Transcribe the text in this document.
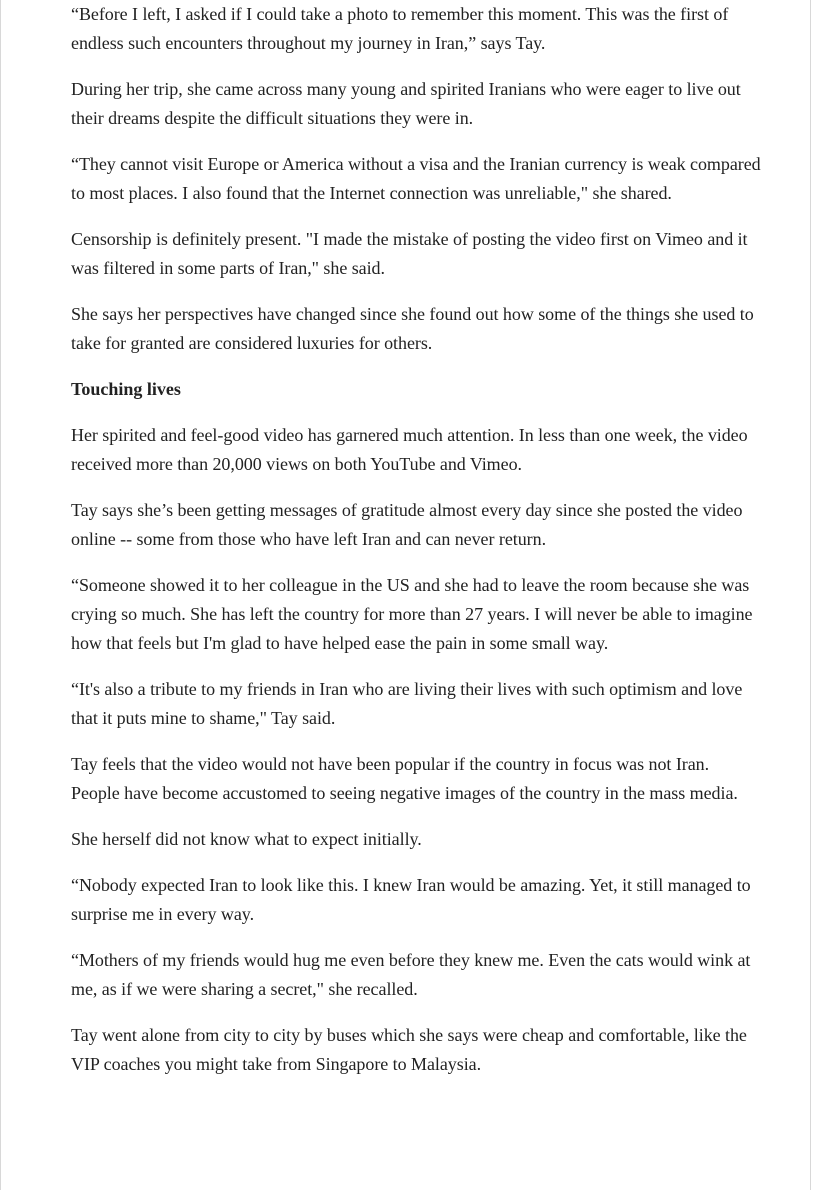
“Before I left, I asked if I could take a photo to remember this moment. This was the first of endless such encounters throughout my journey in Iran,” says Tay.

During her trip, she came across many young and spirited Iranians who were eager to live out their dreams despite the difficult situations they were in.

“They cannot visit Europe or America without a visa and the Iranian currency is weak compared to most places. I also found that the Internet connection was unreliable," she shared.

Censorship is definitely present. "I made the mistake of posting the video first on Vimeo and it was filtered in some parts of Iran," she said.

She says her perspectives have changed since she found out how some of the things she used to take for granted are considered luxuries for others.

Touching lives

Her spirited and feel-good video has garnered much attention. In less than one week, the video received more than 20,000 views on both YouTube and Vimeo.

Tay says she’s been getting messages of gratitude almost every day since she posted the video online -- some from those who have left Iran and can never return.

“Someone showed it to her colleague in the US and she had to leave the room because she was crying so much. She has left the country for more than 27 years. I will never be able to imagine how that feels but I'm glad to have helped ease the pain in some small way.

“It's also a tribute to my friends in Iran who are living their lives with such optimism and love that it puts mine to shame," Tay said.

Tay feels that the video would not have been popular if the country in focus was not Iran. People have become accustomed to seeing negative images of the country in the mass media.

She herself did not know what to expect initially.

“Nobody expected Iran to look like this. I knew Iran would be amazing. Yet, it still managed to surprise me in every way.

“Mothers of my friends would hug me even before they knew me. Even the cats would wink at me, as if we were sharing a secret," she recalled.

Tay went alone from city to city by buses which she says were cheap and comfortable, like the VIP coaches you might take from Singapore to Malaysia.
